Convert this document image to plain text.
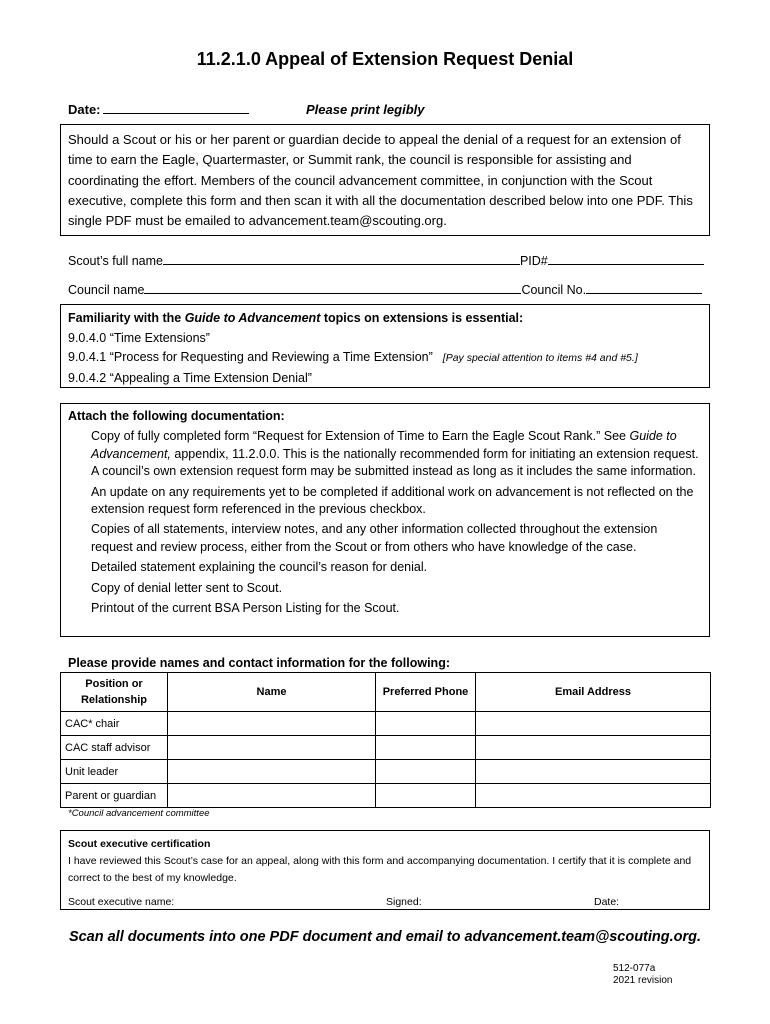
11.2.1.0 Appeal of Extension Request Denial
Date:	Please print legibly
Should a Scout or his or her parent or guardian decide to appeal the denial of a request for an extension of time to earn the Eagle, Quartermaster, or Summit rank, the council is responsible for assisting and coordinating the effort. Members of the council advancement committee, in conjunction with the Scout executive, complete this form and then scan it with all the documentation described below into one PDF. This single PDF must be emailed to advancement.team@scouting.org.
Scout’s full name	PID#
Council name	Council No.
Familiarity with the Guide to Advancement topics on extensions is essential:
9.0.4.0 “Time Extensions”
9.0.4.1 “Process for Requesting and Reviewing a Time Extension” [Pay special attention to items #4 and #5.]
9.0.4.2 “Appealing a Time Extension Denial”
Attach the following documentation:
Copy of fully completed form “Request for Extension of Time to Earn the Eagle Scout Rank.” See Guide to Advancement, appendix, 11.2.0.0. This is the nationally recommended form for initiating an extension request. A council’s own extension request form may be submitted instead as long as it includes the same information.
An update on any requirements yet to be completed if additional work on advancement is not reflected on the extension request form referenced in the previous checkbox.
Copies of all statements, interview notes, and any other information collected throughout the extension request and review process, either from the Scout or from others who have knowledge of the case.
Detailed statement explaining the council’s reason for denial.
Copy of denial letter sent to Scout.
Printout of the current BSA Person Listing for the Scout.
Please provide names and contact information for the following:
Position or Relationship	Name	Preferred Phone	Email Address
CAC* chair			
CAC staff advisor			
Unit leader			
Parent or guardian			
*Council advancement committee
Scout executive certification
I have reviewed this Scout’s case for an appeal, along with this form and accompanying documentation. I certify that it is complete and correct to the best of my knowledge.
Scout executive name:	Signed:	Date:
Scan all documents into one PDF document and email to advancement.team@scouting.org.
512-077a
2021 revision
